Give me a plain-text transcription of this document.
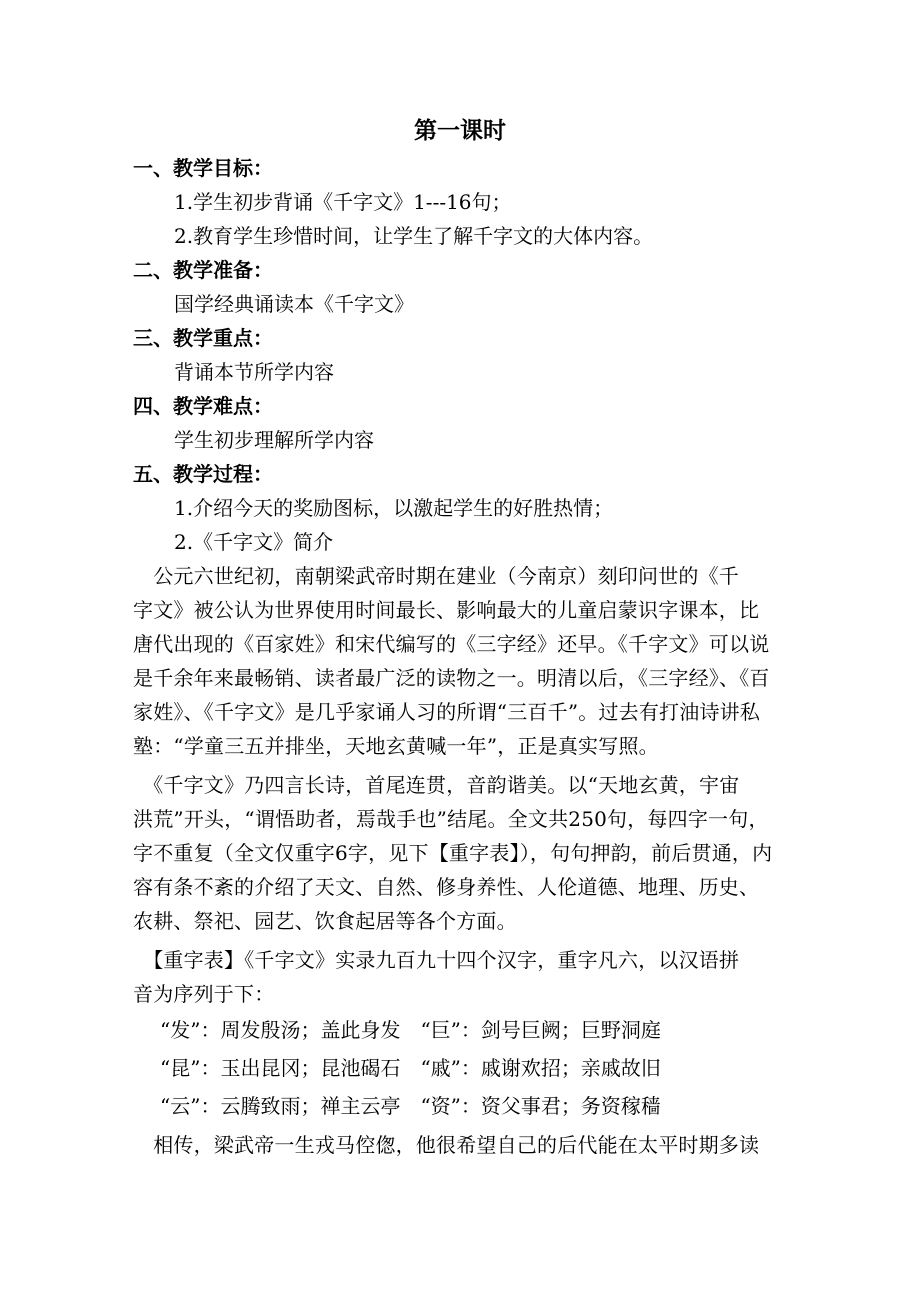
第一课时
一、教学目标：
1.学生初步背诵《千字文》1---16句；
2.教育学生珍惜时间，让学生了解千字文的大体内容。
二、教学准备：
国学经典诵读本《千字文》
三、教学重点：
背诵本节所学内容
四、教学难点：
学生初步理解所学内容
五、教学过程：
1.介绍今天的奖励图标，以激起学生的好胜热情；
2.《千字文》简介
　公元六世纪初，南朝梁武帝时期在建业（今南京）刻印问世的《千
字文》被公认为世界使用时间最长、影响最大的儿童启蒙识字课本，比
唐代出现的《百家姓》和宋代编写的《三字经》还早。《千字文》可以说
是千余年来最畅销、读者最广泛的读物之一。明清以后，《三字经》、《百
家姓》、《千字文》是几乎家诵人习的所谓“三百千”。过去有打油诗讲私
塾：“学童三五并排坐，天地玄黄喊一年”，正是真实写照。
　《千字文》乃四言长诗，首尾连贯，音韵谐美。以“天地玄黄，宇宙
洪荒”开头，“谓悟助者，焉哉手也”结尾。全文共250句，每四字一句，
字不重复（全文仅重字6字，见下【重字表】），句句押韵，前后贯通，内
容有条不紊的介绍了天文、自然、修身养性、人伦道德、地理、历史、
农耕、祭祀、园艺、饮食起居等各个方面。
　【重字表】《千字文》实录九百九十四个汉字，重字凡六，以汉语拼
音为序列于下：
“发”：周发殷汤；盖此身发　“巨”：剑号巨阙；巨野洞庭
“昆”：玉出昆冈；昆池碣石　“戚”：戚谢欢招；亲戚故旧
“云”：云腾致雨；禅主云亭　“资”：资父事君；务资稼穑
　相传，梁武帝一生戎马倥偬，他很希望自己的后代能在太平时期多读
